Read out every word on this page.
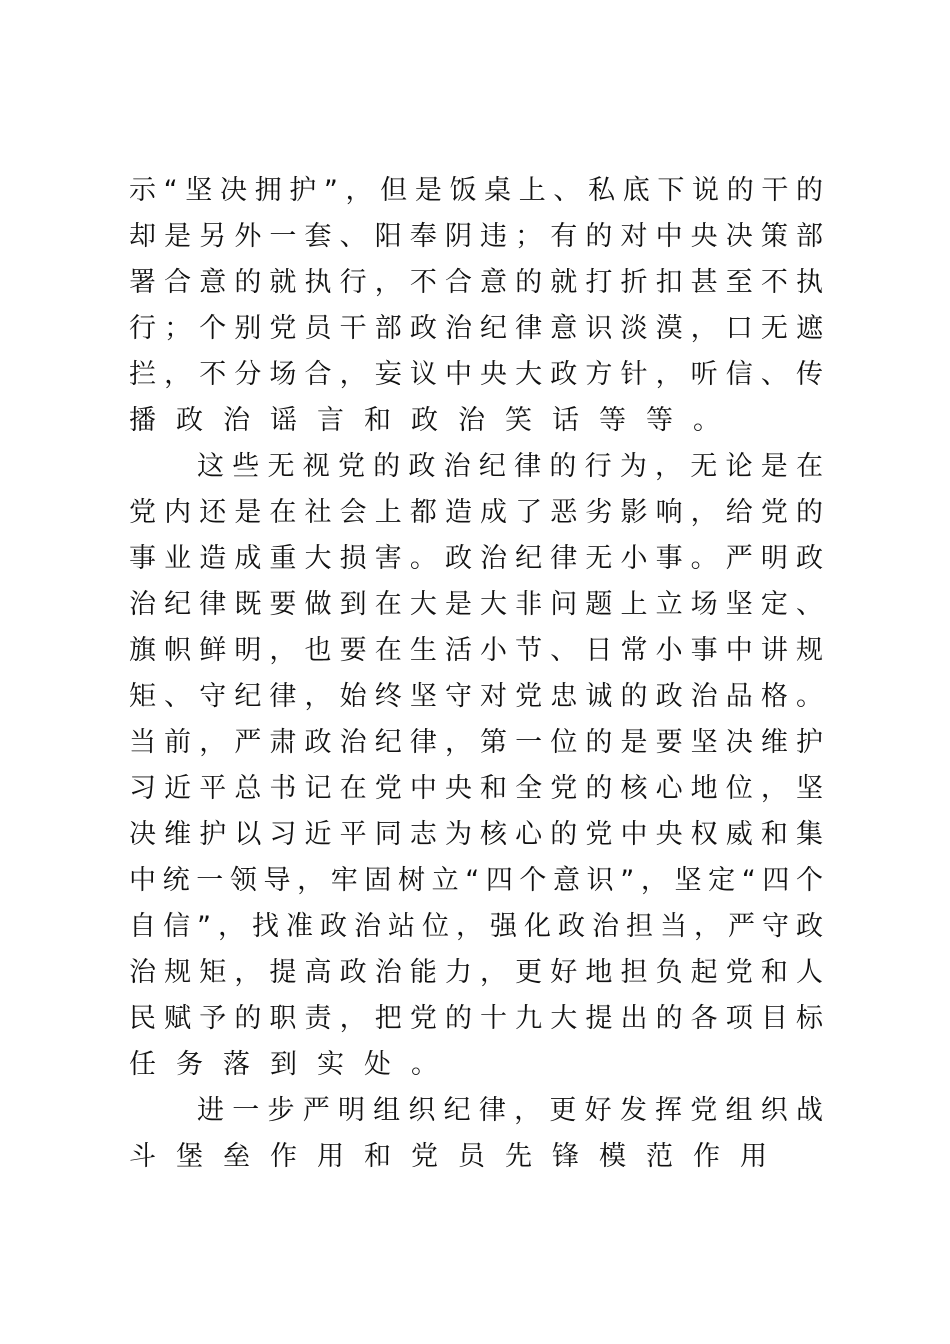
示“坚决拥护”，但是饭桌上、私底下说的干的
却是另外一套、阳奉阴违；有的对中央决策部
署合意的就执行，不合意的就打折扣甚至不执
行；个别党员干部政治纪律意识淡漠，口无遮
拦，不分场合，妄议中央大政方针，听信、传
播政治谣言和政治笑话等等。
这些无视党的政治纪律的行为，无论是在
党内还是在社会上都造成了恶劣影响，给党的
事业造成重大损害。政治纪律无小事。严明政
治纪律既要做到在大是大非问题上立场坚定、
旗帜鲜明，也要在生活小节、日常小事中讲规
矩、守纪律，始终坚守对党忠诚的政治品格。
当前，严肃政治纪律，第一位的是要坚决维护
习近平总书记在党中央和全党的核心地位，坚
决维护以习近平同志为核心的党中央权威和集
中统一领导，牢固树立“四个意识”，坚定“四个
自信”，找准政治站位，强化政治担当，严守政
治规矩，提高政治能力，更好地担负起党和人
民赋予的职责，把党的十九大提出的各项目标
任务落到实处。
进一步严明组织纪律，更好发挥党组织战
斗堡垒作用和党员先锋模范作用
